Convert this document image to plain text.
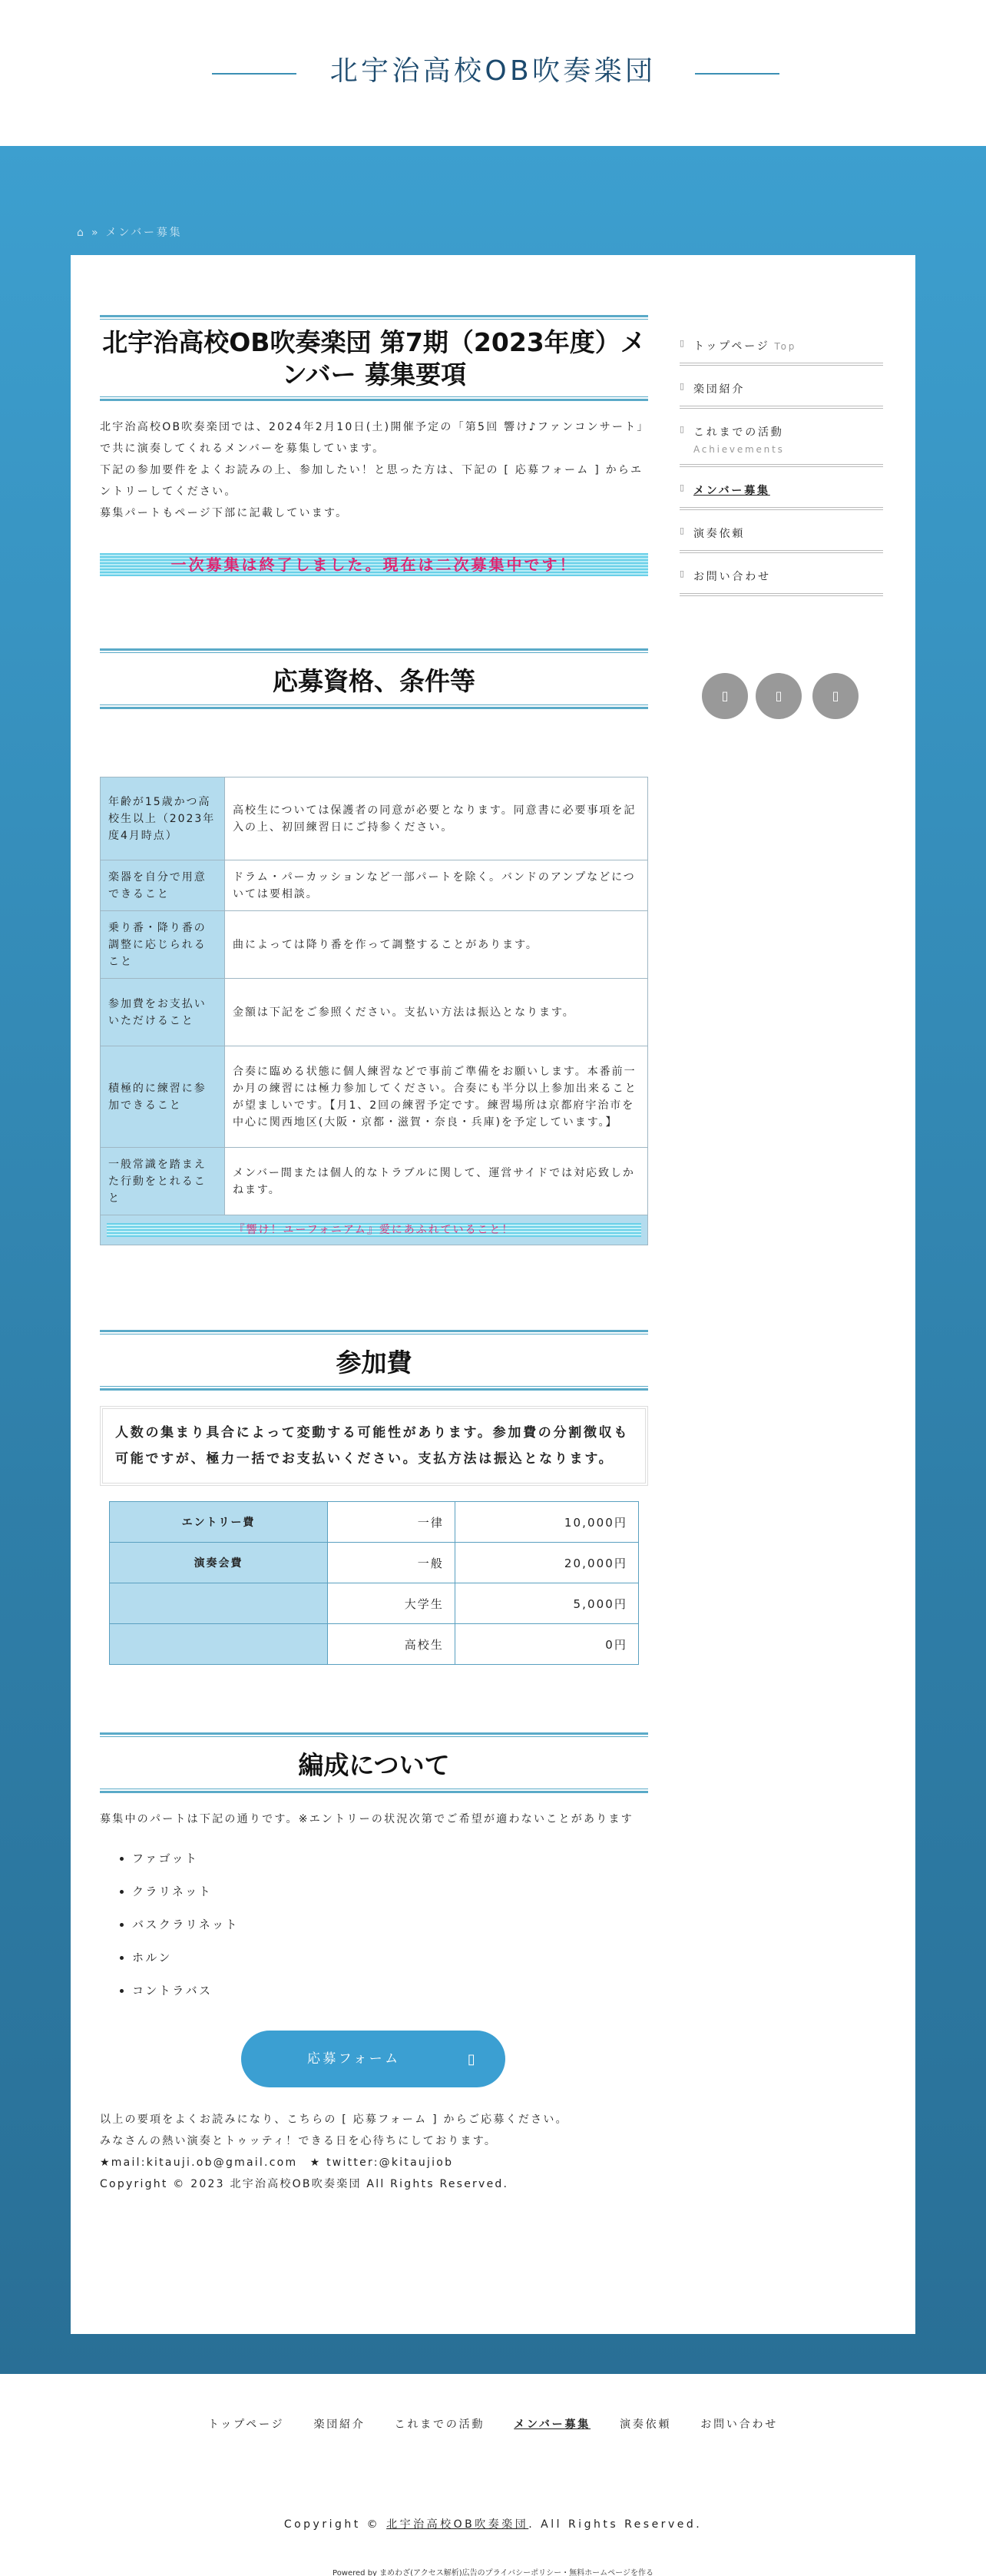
北宇治高校OB吹奏楽団
⌂ » メンバー募集
北宇治高校OB吹奏楽団 第7期（2023年度）メンバー 募集要項

北宇治高校OB吹奏楽団では、2024年2月10日(土)開催予定の「第5回 響け♪ファンコンサート」で共に演奏してくれるメンバーを募集しています。

下記の参加要件をよくお読みの上、参加したい！と思った方は、下記の [ 応募フォーム ] からエントリーしてください。

募集パートもページ下部に記載しています。

一次募集は終了しました。現在は二次募集中です！
応募資格、条件等
年齢が15歳かつ高校生以上（2023年度4月時点）	高校生については保護者の同意が必要となります。同意書に必要事項を記入の上、初回練習日にご持参ください。
楽器を自分で用意できること	ドラム・パーカッションなど一部パートを除く。バンドのアンプなどについては要相談。
乗り番・降り番の調整に応じられること	曲によっては降り番を作って調整することがあります。
参加費をお支払いいただけること	金額は下記をご参照ください。支払い方法は振込となります。
積極的に練習に参加できること	合奏に臨める状態に個人練習などで事前ご準備をお願いします。本番前一か月の練習には極力参加してください。合奏にも半分以上参加出来ることが望ましいです。【月1、2回の練習予定です。練習場所は京都府宇治市を中心に関西地区(大阪・京都・滋賀・奈良・兵庫)を予定しています。】
一般常識を踏まえた行動をとれること	メンバー間または個人的なトラブルに関して、運営サイドでは対応致しかねます。

『響け！ユーフォニアム』愛にあふれていること！	
参加費
人数の集まり具合によって変動する可能性があります。参加費の分割徴収も可能ですが、極力一括でお支払いください。支払方法は振込となります。
エントリー費	一律	10,000円
演奏会費	一般	20,000円
	大学生	5,000円
	高校生	0円
編成について

募集中のパートは下記の通りです。※エントリーの状況次第でご希望が適わないことがあります

• ファゴット
• クラリネット
• バスクラリネット
• ホルン
• コントラバス
応募フォーム	▯

以上の要項をよくお読みになり、こちらの [ 応募フォーム ] からご応募ください。

みなさんの熱い演奏とトゥッティ！できる日を心待ちにしております。

★mail:kitauji.ob@gmail.com　★ twitter:@kitaujiob

Copyright © 2023 北宇治高校OB吹奏楽団 All Rights Reserved.

▯ トップページ Top
▯ 楽団紹介
▯ これまでの活動
Achievements
▯ メンバー募集
▯ 演奏依頼
▯ お問い合わせ
▯	▯	▯
トップページ	楽団紹介	これまでの活動	メンバー募集	演奏依頼	お問い合わせ
Copyright © 北宇治高校OB吹奏楽団. All Rights Reserved.
Powered by まめわざ(アクセス解析)広告のプライバシーポリシー・無料ホームページを作る
